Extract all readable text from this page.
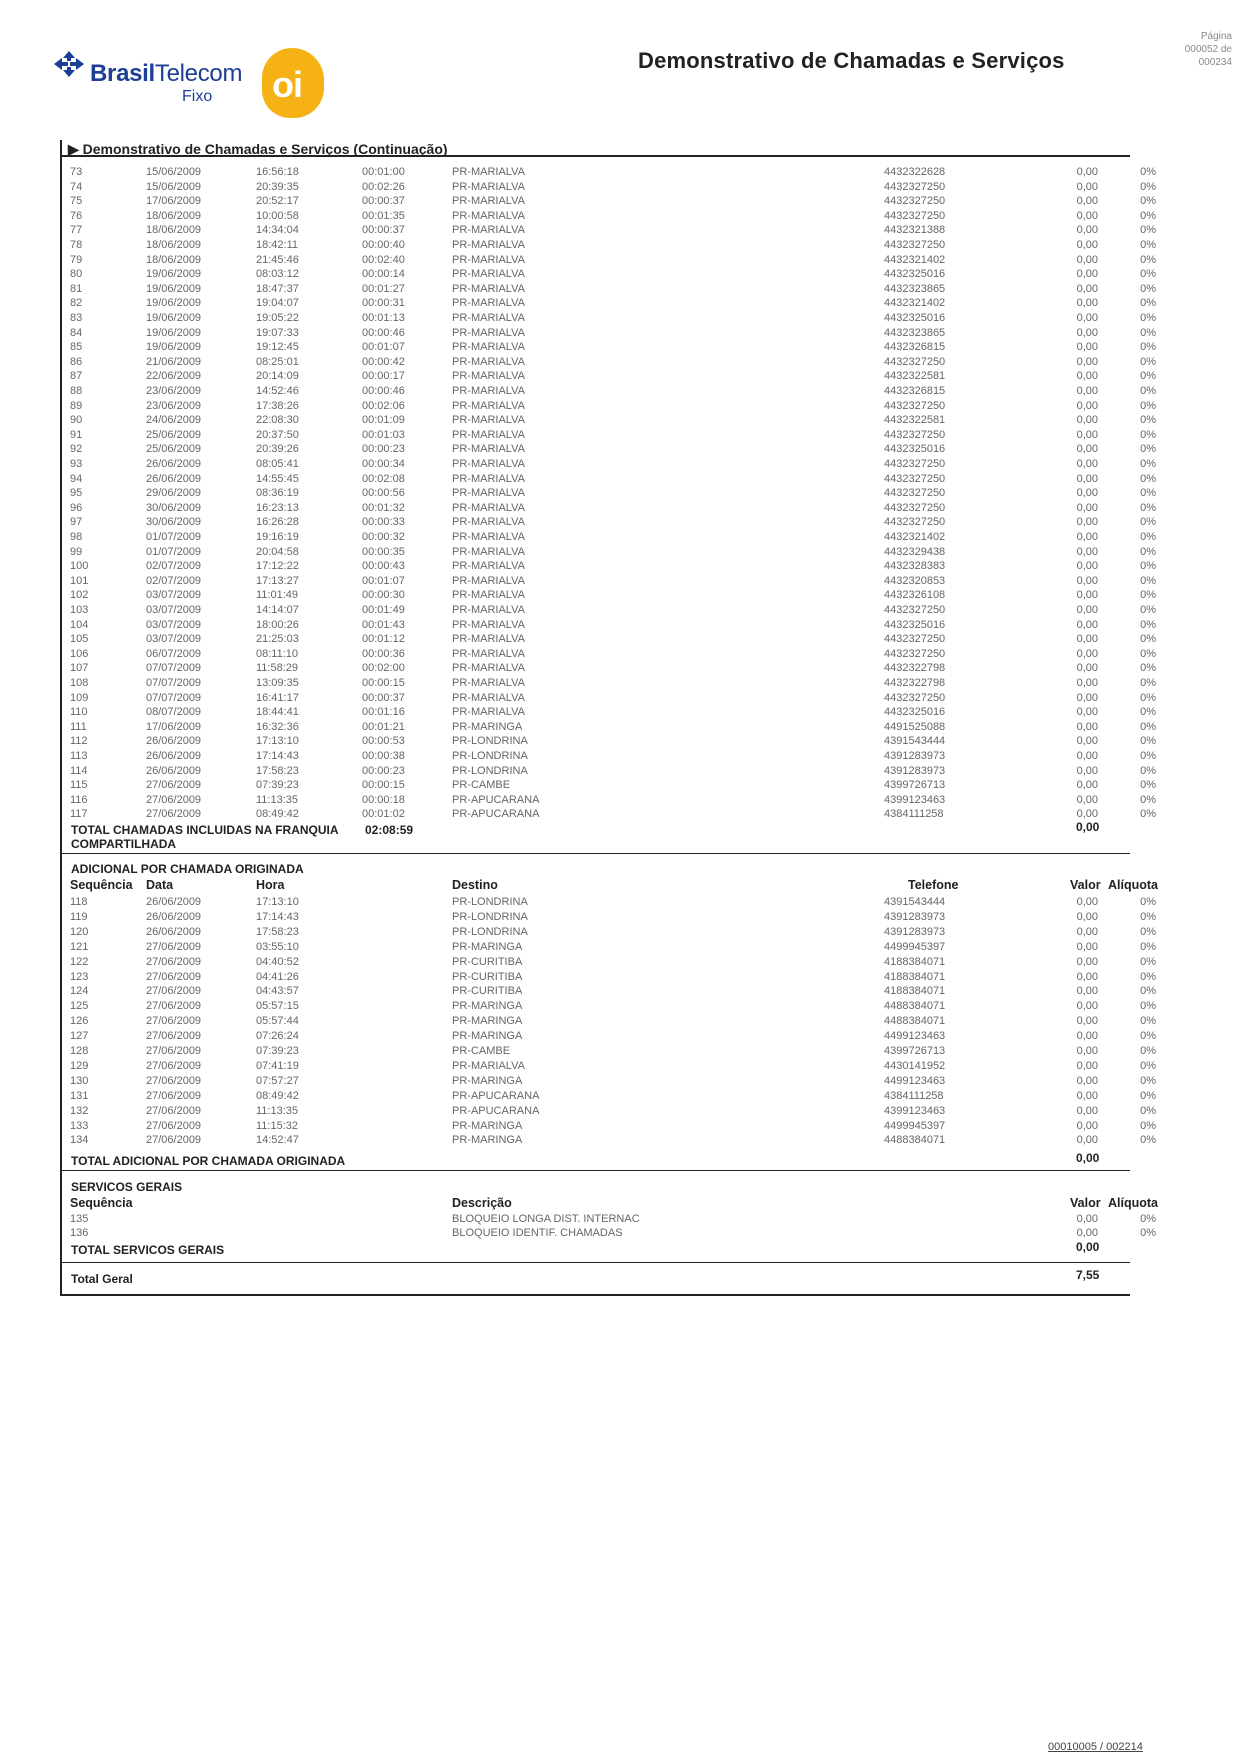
BrasilTelecom
Fixo oi
Demonstrativo de Chamadas e Serviços
Página
000052 de
000234
▶ Demonstrativo de Chamadas e Serviços (Continuação)
73	15/06/2009	16:56:18	00:01:00	PR-MARIALVA	4432322628	0,00	0%
74	15/06/2009	20:39:35	00:02:26	PR-MARIALVA	4432327250	0,00	0%
75	17/06/2009	20:52:17	00:00:37	PR-MARIALVA	4432327250	0,00	0%
76	18/06/2009	10:00:58	00:01:35	PR-MARIALVA	4432327250	0,00	0%
77	18/06/2009	14:34:04	00:00:37	PR-MARIALVA	4432321388	0,00	0%
78	18/06/2009	18:42:11	00:00:40	PR-MARIALVA	4432327250	0,00	0%
79	18/06/2009	21:45:46	00:02:40	PR-MARIALVA	4432321402	0,00	0%
80	19/06/2009	08:03:12	00:00:14	PR-MARIALVA	4432325016	0,00	0%
81	19/06/2009	18:47:37	00:01:27	PR-MARIALVA	4432323865	0,00	0%
82	19/06/2009	19:04:07	00:00:31	PR-MARIALVA	4432321402	0,00	0%
83	19/06/2009	19:05:22	00:01:13	PR-MARIALVA	4432325016	0,00	0%
84	19/06/2009	19:07:33	00:00:46	PR-MARIALVA	4432323865	0,00	0%
85	19/06/2009	19:12:45	00:01:07	PR-MARIALVA	4432326815	0,00	0%
86	21/06/2009	08:25:01	00:00:42	PR-MARIALVA	4432327250	0,00	0%
87	22/06/2009	20:14:09	00:00:17	PR-MARIALVA	4432322581	0,00	0%
88	23/06/2009	14:52:46	00:00:46	PR-MARIALVA	4432326815	0,00	0%
89	23/06/2009	17:38:26	00:02:06	PR-MARIALVA	4432327250	0,00	0%
90	24/06/2009	22:08:30	00:01:09	PR-MARIALVA	4432322581	0,00	0%
91	25/06/2009	20:37:50	00:01:03	PR-MARIALVA	4432327250	0,00	0%
92	25/06/2009	20:39:26	00:00:23	PR-MARIALVA	4432325016	0,00	0%
93	26/06/2009	08:05:41	00:00:34	PR-MARIALVA	4432327250	0,00	0%
94	26/06/2009	14:55:45	00:02:08	PR-MARIALVA	4432327250	0,00	0%
95	29/06/2009	08:36:19	00:00:56	PR-MARIALVA	4432327250	0,00	0%
96	30/06/2009	16:23:13	00:01:32	PR-MARIALVA	4432327250	0,00	0%
97	30/06/2009	16:26:28	00:00:33	PR-MARIALVA	4432327250	0,00	0%
98	01/07/2009	19:16:19	00:00:32	PR-MARIALVA	4432321402	0,00	0%
99	01/07/2009	20:04:58	00:00:35	PR-MARIALVA	4432329438	0,00	0%
100	02/07/2009	17:12:22	00:00:43	PR-MARIALVA	4432328383	0,00	0%
101	02/07/2009	17:13:27	00:01:07	PR-MARIALVA	4432320853	0,00	0%
102	03/07/2009	11:01:49	00:00:30	PR-MARIALVA	4432326108	0,00	0%
103	03/07/2009	14:14:07	00:01:49	PR-MARIALVA	4432327250	0,00	0%
104	03/07/2009	18:00:26	00:01:43	PR-MARIALVA	4432325016	0,00	0%
105	03/07/2009	21:25:03	00:01:12	PR-MARIALVA	4432327250	0,00	0%
106	06/07/2009	08:11:10	00:00:36	PR-MARIALVA	4432327250	0,00	0%
107	07/07/2009	11:58:29	00:02:00	PR-MARIALVA	4432322798	0,00	0%
108	07/07/2009	13:09:35	00:00:15	PR-MARIALVA	4432322798	0,00	0%
109	07/07/2009	16:41:17	00:00:37	PR-MARIALVA	4432327250	0,00	0%
110	08/07/2009	18:44:41	00:01:16	PR-MARIALVA	4432325016	0,00	0%
111	17/06/2009	16:32:36	00:01:21	PR-MARINGA	4491525088	0,00	0%
112	26/06/2009	17:13:10	00:00:53	PR-LONDRINA	4391543444	0,00	0%
113	26/06/2009	17:14:43	00:00:38	PR-LONDRINA	4391283973	0,00	0%
114	26/06/2009	17:58:23	00:00:23	PR-LONDRINA	4391283973	0,00	0%
115	27/06/2009	07:39:23	00:00:15	PR-CAMBE	4399726713	0,00	0%
116	27/06/2009	11:13:35	00:00:18	PR-APUCARANA	4399123463	0,00	0%
117	27/06/2009	08:49:42	00:01:02	PR-APUCARANA	4384111258	0,00	0%
TOTAL CHAMADAS INCLUIDAS NA FRANQUIA
COMPARTILHADA
02:08:59	0,00
ADICIONAL POR CHAMADA ORIGINADA
Sequência Data	Hora	Destino	Telefone	Valor Alíquota
118	26/06/2009	17:13:10	PR-LONDRINA	4391543444	0,00	0%
119	26/06/2009	17:14:43	PR-LONDRINA	4391283973	0,00	0%
120	26/06/2009	17:58:23	PR-LONDRINA	4391283973	0,00	0%
121	27/06/2009	03:55:10	PR-MARINGA	4499945397	0,00	0%
122	27/06/2009	04:40:52	PR-CURITIBA	4188384071	0,00	0%
123	27/06/2009	04:41:26	PR-CURITIBA	4188384071	0,00	0%
124	27/06/2009	04:43:57	PR-CURITIBA	4188384071	0,00	0%
125	27/06/2009	05:57:15	PR-MARINGA	4488384071	0,00	0%
126	27/06/2009	05:57:44	PR-MARINGA	4488384071	0,00	0%
127	27/06/2009	07:26:24	PR-MARINGA	4499123463	0,00	0%
128	27/06/2009	07:39:23	PR-CAMBE	4399726713	0,00	0%
129	27/06/2009	07:41:19	PR-MARIALVA	4430141952	0,00	0%
130	27/06/2009	07:57:27	PR-MARINGA	4499123463	0,00	0%
131	27/06/2009	08:49:42	PR-APUCARANA	4384111258	0,00	0%
132	27/06/2009	11:13:35	PR-APUCARANA	4399123463	0,00	0%
133	27/06/2009	11:15:32	PR-MARINGA	4499945397	0,00	0%
134	27/06/2009	14:52:47	PR-MARINGA	4488384071	0,00	0%
TOTAL ADICIONAL POR CHAMADA ORIGINADA	0,00
SERVICOS GERAIS
Sequência	Descrição	Valor Alíquota
135	BLOQUEIO LONGA DIST. INTERNAC	0,00	0%
136	BLOQUEIO IDENTIF. CHAMADAS	0,00	0%
TOTAL SERVICOS GERAIS	0,00
Total Geral	7,55
00010005 / 002214
